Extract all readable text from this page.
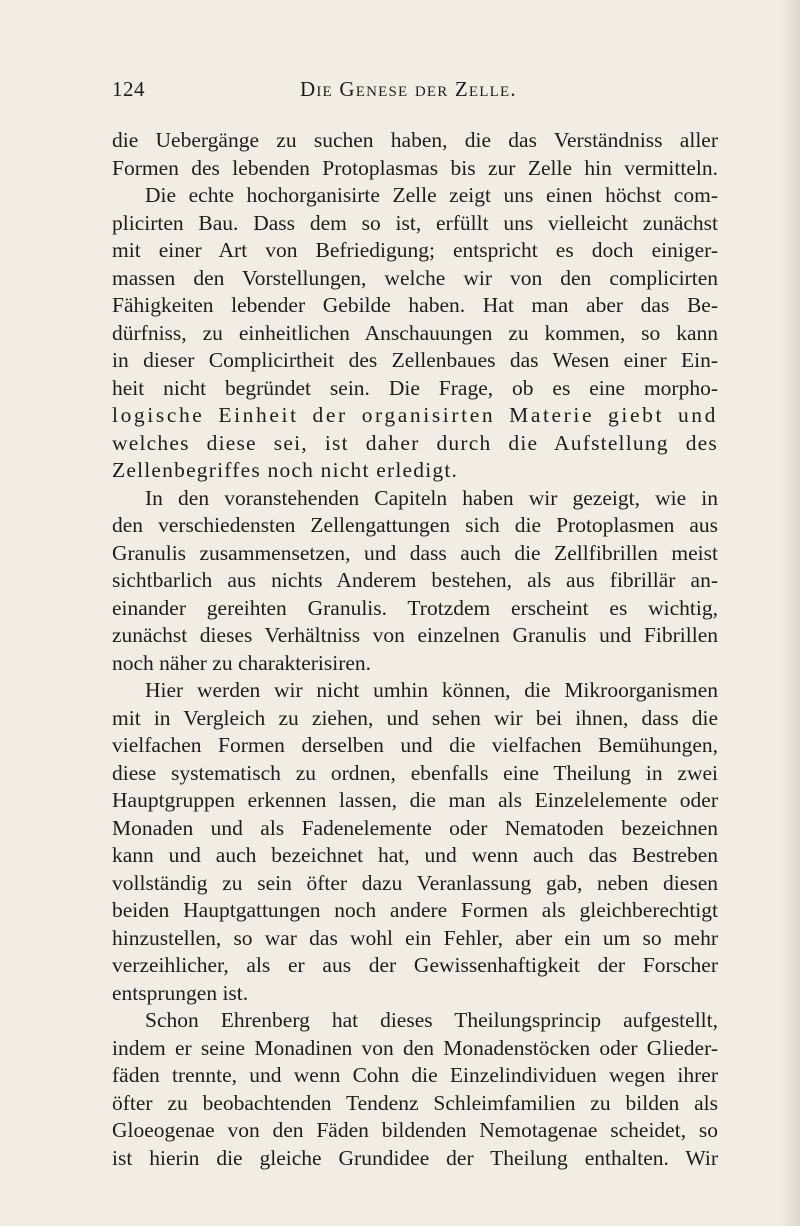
124	Die Genese der Zelle.
die Uebergänge zu suchen haben, die das Verständniss aller
Formen des lebenden Protoplasmas bis zur Zelle hin vermitteln.
Die echte hochorganisirte Zelle zeigt uns einen höchst com-
plicirten Bau. Dass dem so ist, erfüllt uns vielleicht zunächst
mit einer Art von Befriedigung; entspricht es doch einiger-
massen den Vorstellungen, welche wir von den complicirten
Fähigkeiten lebender Gebilde haben. Hat man aber das Be-
dürfniss, zu einheitlichen Anschauungen zu kommen, so kann
in dieser Complicirtheit des Zellenbaues das Wesen einer Ein-
heit nicht begründet sein. Die Frage, ob es eine morpho-
logische Einheit der organisirten Materie giebt und
welches diese sei, ist daher durch die Aufstellung des
Zellenbegriffes noch nicht erledigt.
In den voranstehenden Capiteln haben wir gezeigt, wie in
den verschiedensten Zellengattungen sich die Protoplasmen aus
Granulis zusammensetzen, und dass auch die Zellfibrillen meist
sichtbarlich aus nichts Anderem bestehen, als aus fibrillär an-
einander gereihten Granulis. Trotzdem erscheint es wichtig,
zunächst dieses Verhältniss von einzelnen Granulis und Fibrillen
noch näher zu charakterisiren.
Hier werden wir nicht umhin können, die Mikroorganismen
mit in Vergleich zu ziehen, und sehen wir bei ihnen, dass die
vielfachen Formen derselben und die vielfachen Bemühungen,
diese systematisch zu ordnen, ebenfalls eine Theilung in zwei
Hauptgruppen erkennen lassen, die man als Einzelelemente oder
Monaden und als Fadenelemente oder Nematoden bezeichnen
kann und auch bezeichnet hat, und wenn auch das Bestreben
vollständig zu sein öfter dazu Veranlassung gab, neben diesen
beiden Hauptgattungen noch andere Formen als gleichberechtigt
hinzustellen, so war das wohl ein Fehler, aber ein um so mehr
verzeihlicher, als er aus der Gewissenhaftigkeit der Forscher
entsprungen ist.
Schon Ehrenberg hat dieses Theilungsprincip aufgestellt,
indem er seine Monadinen von den Monadenstöcken oder Glieder-
fäden trennte, und wenn Cohn die Einzelindividuen wegen ihrer
öfter zu beobachtenden Tendenz Schleimfamilien zu bilden als
Gloeogenae von den Fäden bildenden Nemotagenae scheidet, so
ist hierin die gleiche Grundidee der Theilung enthalten. Wir
